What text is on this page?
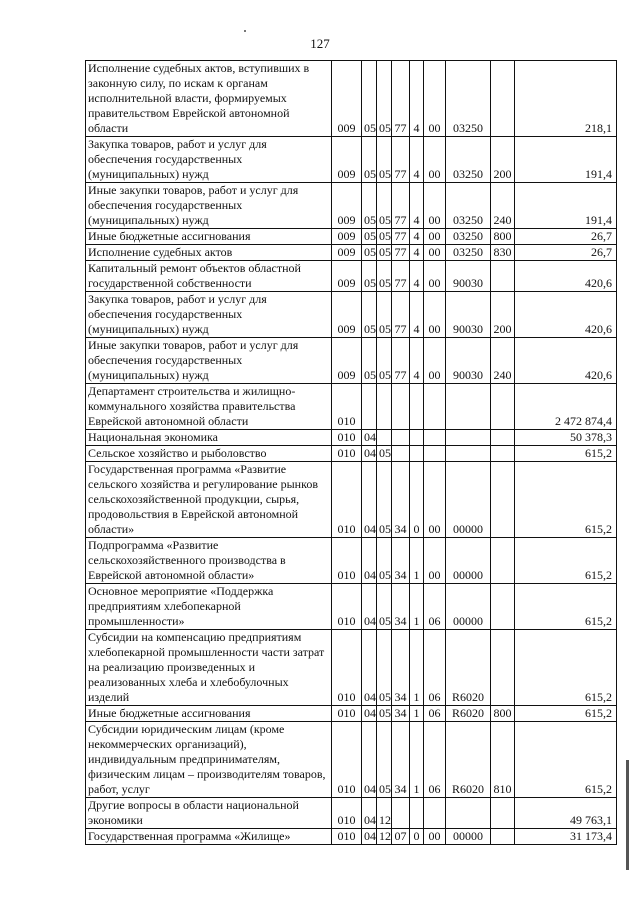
127
Исполнение судебных актов, вступивших в законную силу, по искам к органам исполнительной власти, формируемых правительством Еврейской автономной области	009	05	05	77	4	00	03250		218,1
Закупка товаров, работ и услуг для обеспечения государственных (муниципальных) нужд	009	05	05	77	4	00	03250	200	191,4
Иные закупки товаров, работ и услуг для обеспечения государственных (муниципальных) нужд	009	05	05	77	4	00	03250	240	191,4
Иные бюджетные ассигнования	009	05	05	77	4	00	03250	800	26,7
Исполнение судебных актов	009	05	05	77	4	00	03250	830	26,7
Капитальный ремонт объектов областной государственной собственности	009	05	05	77	4	00	90030		420,6
Закупка товаров, работ и услуг для обеспечения государственных (муниципальных) нужд	009	05	05	77	4	00	90030	200	420,6
Иные закупки товаров, работ и услуг для обеспечения государственных (муниципальных) нужд	009	05	05	77	4	00	90030	240	420,6
Департамент строительства и жилищно-коммунального хозяйства правительства Еврейской автономной области	010								2 472 874,4
Национальная экономика	010	04							50 378,3
Сельское хозяйство и рыболовство	010	04	05						615,2
Государственная программа «Развитие сельского хозяйства и регулирование рынков сельскохозяйственной продукции, сырья, продовольствия в Еврейской автономной области»	010	04	05	34	0	00	00000		615,2
Подпрограмма «Развитие сельскохозяйственного производства в Еврейской автономной области»	010	04	05	34	1	00	00000		615,2
Основное мероприятие «Поддержка предприятиям хлебопекарной промышленности»	010	04	05	34	1	06	00000		615,2
Субсидии на компенсацию предприятиям хлебопекарной промышленности части затрат на реализацию произведенных и реализованных хлеба и хлебобулочных изделий	010	04	05	34	1	06	R6020		615,2
Иные бюджетные ассигнования	010	04	05	34	1	06	R6020	800	615,2
Субсидии юридическим лицам (кроме некоммерческих организаций), индивидуальным предпринимателям, физическим лицам – производителям товаров, работ, услуг	010	04	05	34	1	06	R6020	810	615,2
Другие вопросы в области национальной экономики	010	04	12						49 763,1
Государственная программа «Жилище»	010	04	12	07	0	00	00000		31 173,4
